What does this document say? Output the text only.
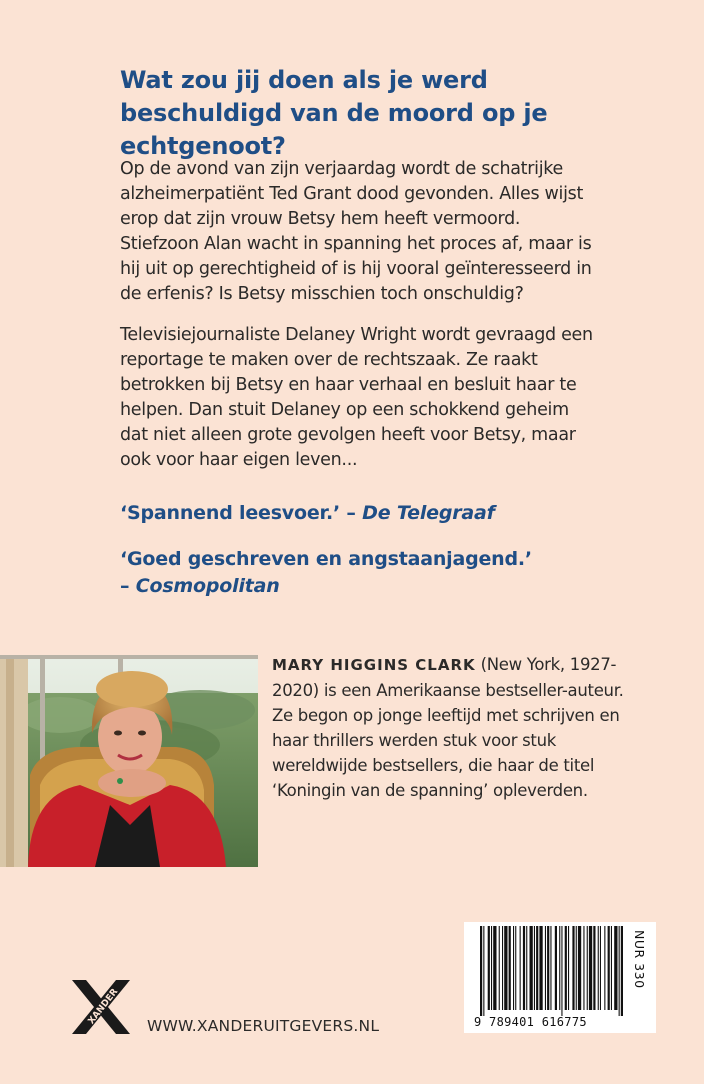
Wat zou jij doen als je werd beschuldigd van de moord op je echtgenoot?

Op de avond van zijn verjaardag wordt de schatrijke alzheimerpatiënt Ted Grant dood gevonden. Alles wijst erop dat zijn vrouw Betsy hem heeft vermoord. Stiefzoon Alan wacht in spanning het proces af, maar is hij uit op gerechtigheid of is hij vooral geïnteresseerd in de erfenis? Is Betsy misschien toch onschuldig?

Televisiejournaliste Delaney Wright wordt gevraagd een reportage te maken over de rechtszaak. Ze raakt betrokken bij Betsy en haar verhaal en besluit haar te helpen. Dan stuit Delaney op een schokkend geheim dat niet alleen grote gevolgen heeft voor Betsy, maar ook voor haar eigen leven...

‘Spannend leesvoer.’ – De Telegraaf

‘Goed geschreven en angstaanjagend.’
– Cosmopolitan

MARY HIGGINS CLARK (New York, 1927-2020) is een Amerikaanse bestseller-auteur. Ze begon op jonge leeftijd met schrijven en haar thrillers werden stuk voor stuk wereldwijde bestsellers, die haar de titel ‘Koningin van de spanning’ opleverden.

XANDER WWW.XANDERUITGEVERS.NL	9 789401 616775
NUR 330
